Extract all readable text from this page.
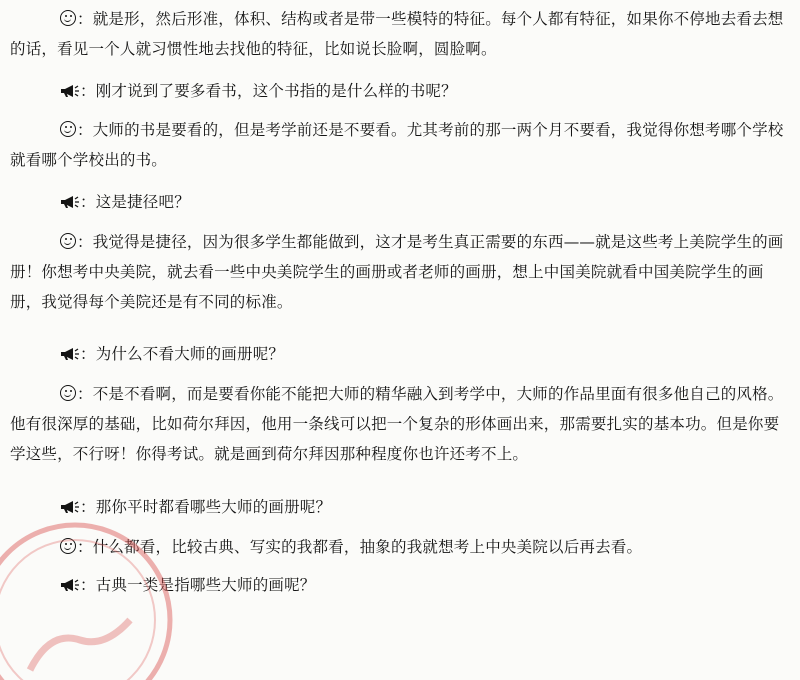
：就是形，然后形准，体积、结构或者是带一些模特的特征。每个人都有特征，如果你不停地去看去想的话，看见一个人就习惯性地去找他的特征，比如说长脸啊，圆脸啊。

：刚才说到了要多看书，这个书指的是什么样的书呢？

：大师的书是要看的，但是考学前还是不要看。尤其考前的那一两个月不要看，我觉得你想考哪个学校就看哪个学校出的书。

：这是捷径吧？

：我觉得是捷径，因为很多学生都能做到，这才是考生真正需要的东西——就是这些考上美院学生的画册！你想考中央美院，就去看一些中央美院学生的画册或者老师的画册，想上中国美院就看中国美院学生的画册，我觉得每个美院还是有不同的标准。

：为什么不看大师的画册呢？

：不是不看啊，而是要看你能不能把大师的精华融入到考学中，大师的作品里面有很多他自己的风格。他有很深厚的基础，比如荷尔拜因，他用一条线可以把一个复杂的形体画出来，那需要扎实的基本功。但是你要学这些，不行呀！你得考试。就是画到荷尔拜因那种程度你也许还考不上。

：那你平时都看哪些大师的画册呢？

：什么都看，比较古典、写实的我都看，抽象的我就想考上中央美院以后再去看。

：古典一类是指哪些大师的画呢？
